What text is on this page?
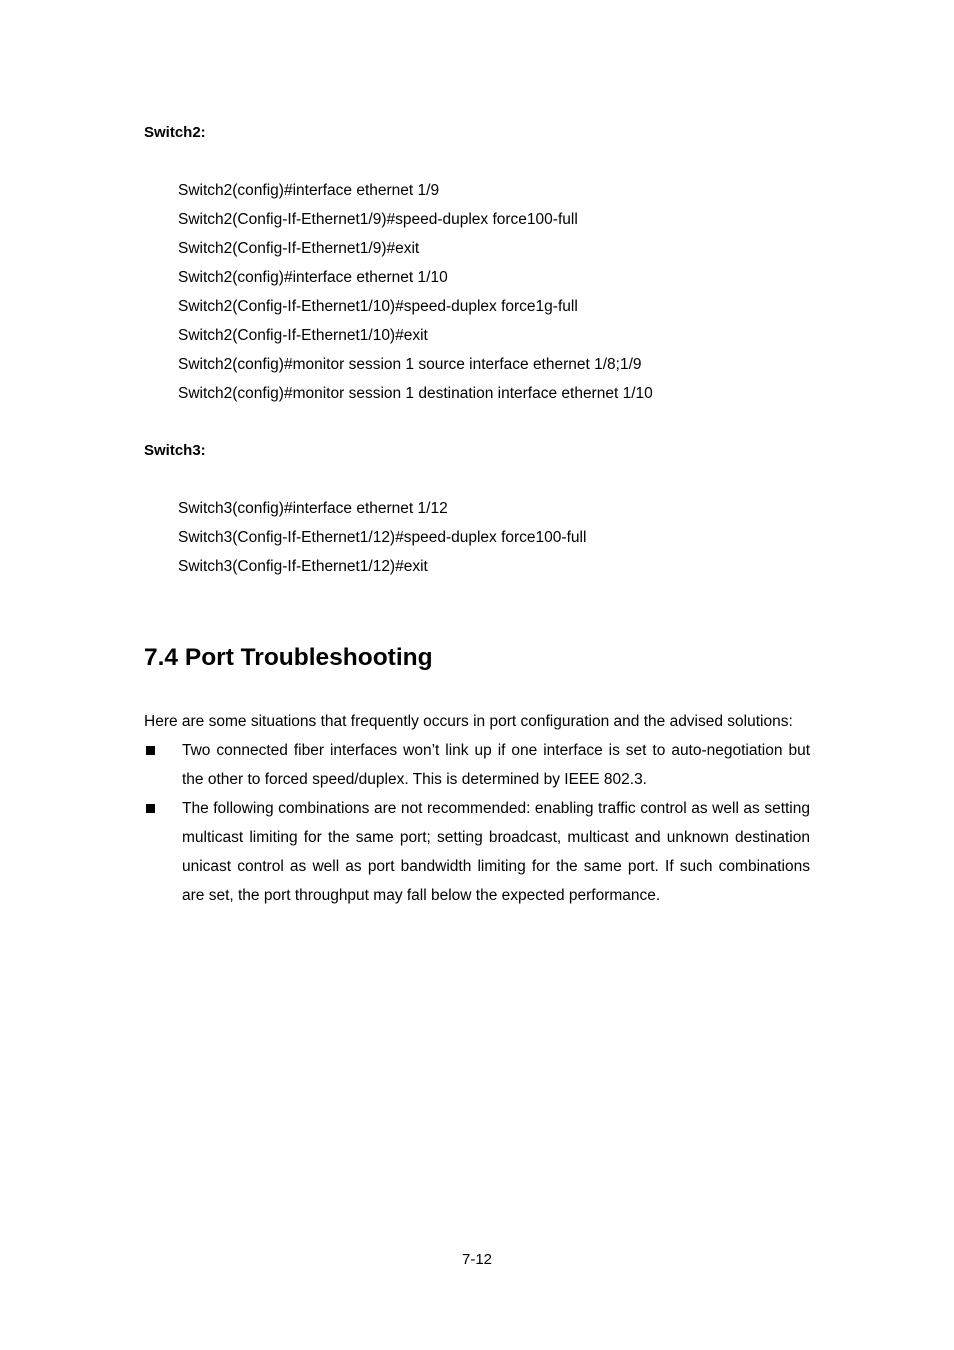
Switch2:

Switch2(config)#interface ethernet 1/9
Switch2(Config-If-Ethernet1/9)#speed-duplex force100-full
Switch2(Config-If-Ethernet1/9)#exit
Switch2(config)#interface ethernet 1/10
Switch2(Config-If-Ethernet1/10)#speed-duplex force1g-full
Switch2(Config-If-Ethernet1/10)#exit
Switch2(config)#monitor session 1 source interface ethernet 1/8;1/9
Switch2(config)#monitor session 1 destination interface ethernet 1/10

Switch3:

Switch3(config)#interface ethernet 1/12
Switch3(Config-If-Ethernet1/12)#speed-duplex force100-full
Switch3(Config-If-Ethernet1/12)#exit
7.4 Port Troubleshooting

Here are some situations that frequently occurs in port configuration and the advised solutions:

Two connected fiber interfaces won’t link up if one interface is set to auto-negotiation but the other to forced speed/duplex. This is determined by IEEE 802.3.
The following combinations are not recommended: enabling traffic control as well as setting multicast limiting for the same port; setting broadcast, multicast and unknown destination unicast control as well as port bandwidth limiting for the same port. If such combinations are set, the port throughput may fall below the expected performance.

7-12
